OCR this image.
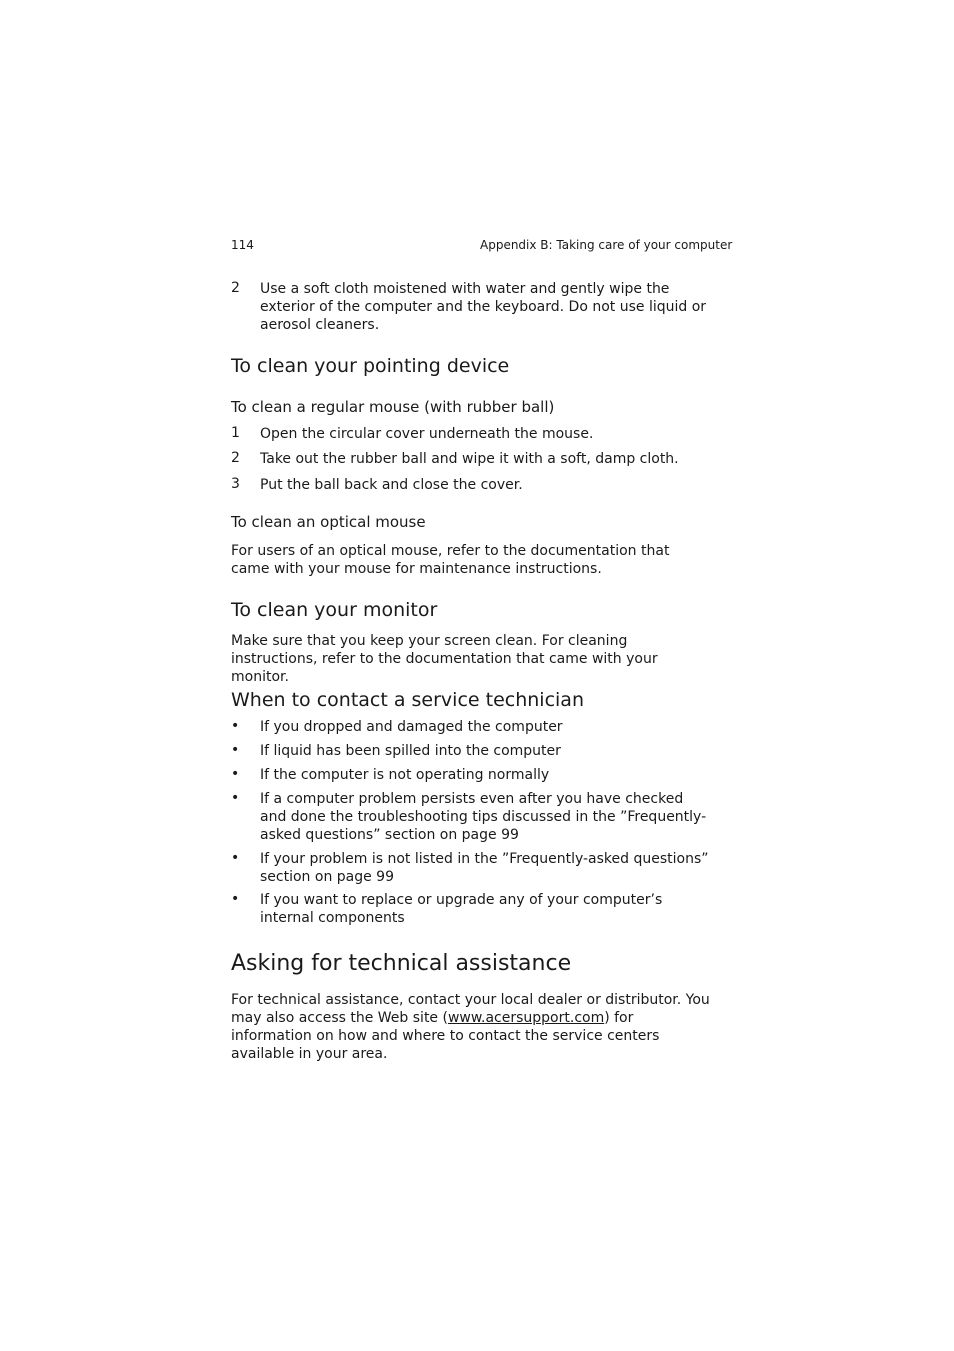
114	Appendix B: Taking care of your computer
2 Use a soft cloth moistened with water and gently wipe the exterior of the computer and the keyboard. Do not use liquid or aerosol cleaners.
To clean your pointing device
To clean a regular mouse (with rubber ball)
1 Open the circular cover underneath the mouse.
2 Take out the rubber ball and wipe it with a soft, damp cloth.
3 Put the ball back and close the cover.
To clean an optical mouse
For users of an optical mouse, refer to the documentation that came with your mouse for maintenance instructions.
To clean your monitor
Make sure that you keep your screen clean. For cleaning instructions, refer to the documentation that came with your monitor.
When to contact a service technician
• If you dropped and damaged the computer
• If liquid has been spilled into the computer
• If the computer is not operating normally
• If a computer problem persists even after you have checked and done the troubleshooting tips discussed in the ”Frequently-asked questions” section on page 99
• If your problem is not listed in the ”Frequently-asked questions” section on page 99
• If you want to replace or upgrade any of your computer’s internal components
Asking for technical assistance
For technical assistance, contact your local dealer or distributor. You may also access the Web site (www.acersupport.com) for information on how and where to contact the service centers available in your area.
